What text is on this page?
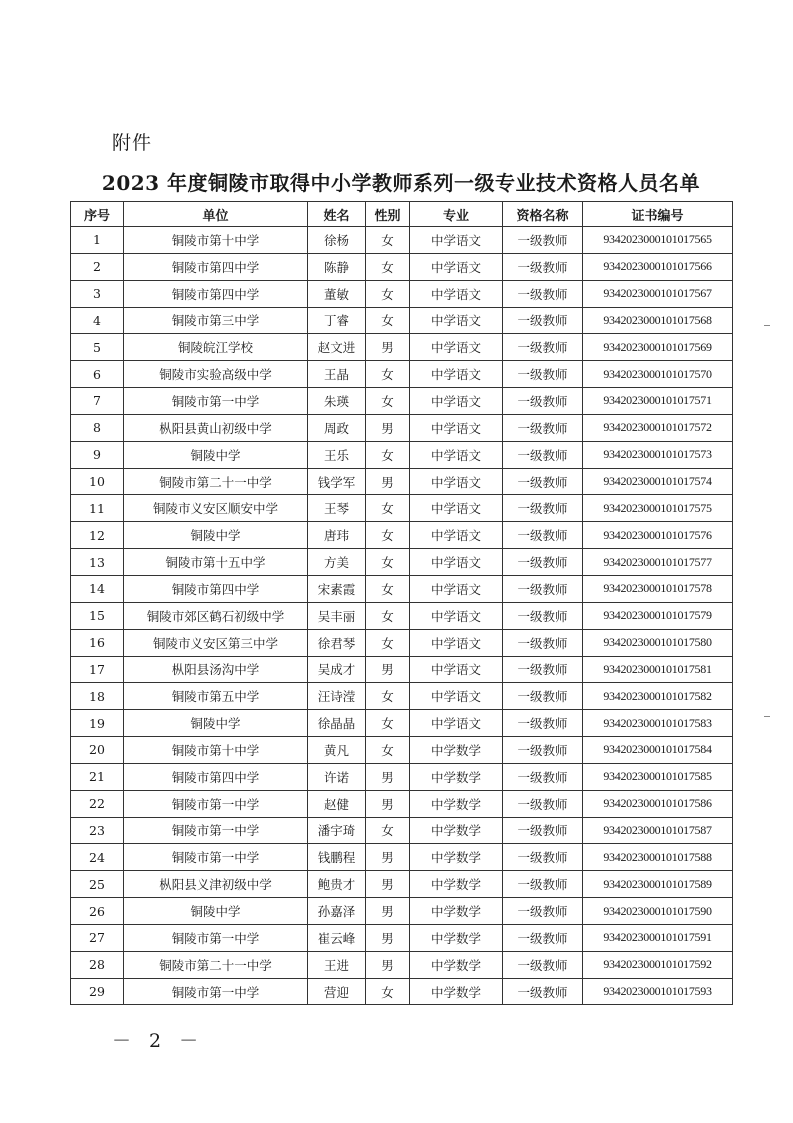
附件
2023 年度铜陵市取得中小学教师系列一级专业技术资格人员名单
序号	单位	姓名	性别	专业	资格名称	证书编号
1	铜陵市第十中学	徐杨	女	中学语文	一级教师	9342023000101017565
2	铜陵市第四中学	陈静	女	中学语文	一级教师	9342023000101017566
3	铜陵市第四中学	董敏	女	中学语文	一级教师	9342023000101017567
4	铜陵市第三中学	丁睿	女	中学语文	一级教师	9342023000101017568
5	铜陵皖江学校	赵文进	男	中学语文	一级教师	9342023000101017569
6	铜陵市实验高级中学	王晶	女	中学语文	一级教师	9342023000101017570
7	铜陵市第一中学	朱瑛	女	中学语文	一级教师	9342023000101017571
8	枞阳县黄山初级中学	周政	男	中学语文	一级教师	9342023000101017572
9	铜陵中学	王乐	女	中学语文	一级教师	9342023000101017573
10	铜陵市第二十一中学	钱学军	男	中学语文	一级教师	9342023000101017574
11	铜陵市义安区顺安中学	王琴	女	中学语文	一级教师	9342023000101017575
12	铜陵中学	唐玮	女	中学语文	一级教师	9342023000101017576
13	铜陵市第十五中学	方美	女	中学语文	一级教师	9342023000101017577
14	铜陵市第四中学	宋素霞	女	中学语文	一级教师	9342023000101017578
15	铜陵市郊区鹤石初级中学	吴丰丽	女	中学语文	一级教师	9342023000101017579
16	铜陵市义安区第三中学	徐君琴	女	中学语文	一级教师	9342023000101017580
17	枞阳县汤沟中学	吴成才	男	中学语文	一级教师	9342023000101017581
18	铜陵市第五中学	汪诗滢	女	中学语文	一级教师	9342023000101017582
19	铜陵中学	徐晶晶	女	中学语文	一级教师	9342023000101017583
20	铜陵市第十中学	黄凡	女	中学数学	一级教师	9342023000101017584
21	铜陵市第四中学	许诺	男	中学数学	一级教师	9342023000101017585
22	铜陵市第一中学	赵健	男	中学数学	一级教师	9342023000101017586
23	铜陵市第一中学	潘宇琦	女	中学数学	一级教师	9342023000101017587
24	铜陵市第一中学	钱鹏程	男	中学数学	一级教师	9342023000101017588
25	枞阳县义津初级中学	鲍贵才	男	中学数学	一级教师	9342023000101017589
26	铜陵中学	孙嘉泽	男	中学数学	一级教师	9342023000101017590
27	铜陵市第一中学	崔云峰	男	中学数学	一级教师	9342023000101017591
28	铜陵市第二十一中学	王进	男	中学数学	一级教师	9342023000101017592
29	铜陵市第一中学	营迎	女	中学数学	一级教师	9342023000101017593
－ 2 －
